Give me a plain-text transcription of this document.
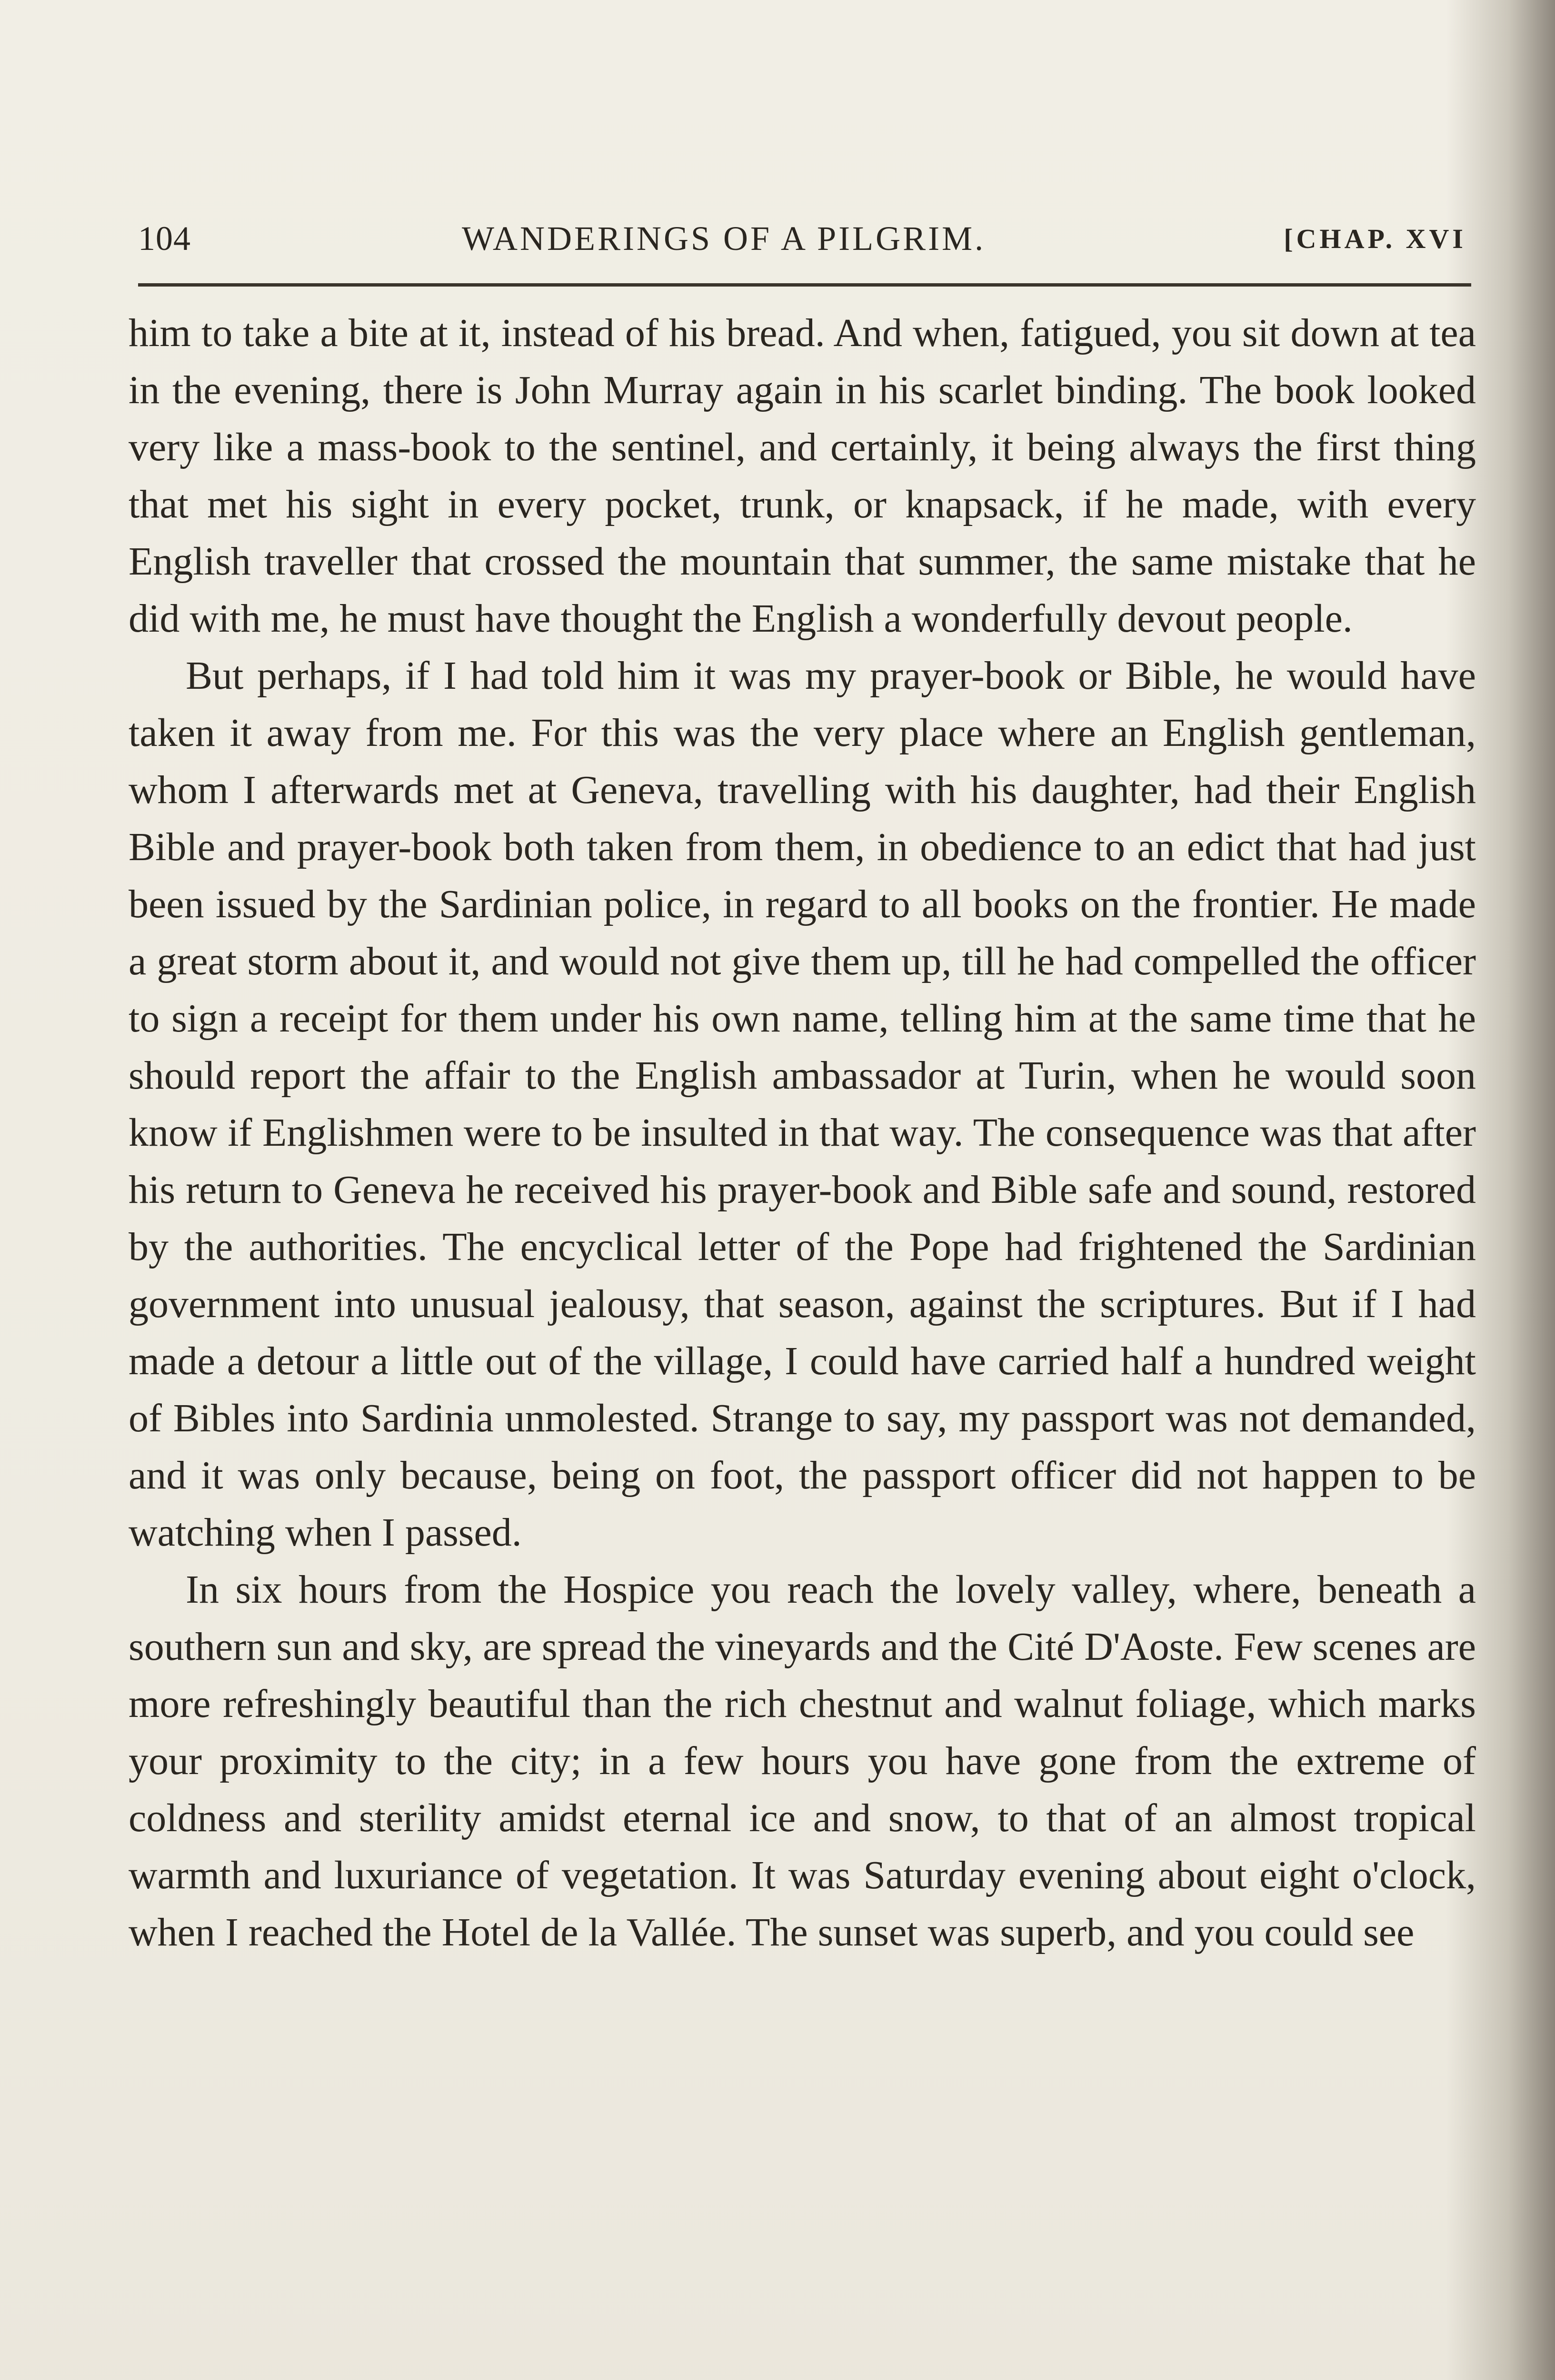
104	WANDERINGS OF A PILGRIM.	[CHAP. XVI

him to take a bite at it, instead of his bread. And when, fatigued, you sit down at tea in the evening, there is John Murray again in his scarlet binding. The book looked very like a mass-book to the sentinel, and certainly, it being always the first thing that met his sight in every pocket, trunk, or knapsack, if he made, with every English traveller that crossed the mountain that summer, the same mistake that he did with me, he must have thought the English a wonderfully devout people.

But perhaps, if I had told him it was my prayer-book or Bible, he would have taken it away from me. For this was the very place where an English gentleman, whom I afterwards met at Geneva, travelling with his daughter, had their English Bible and prayer-book both taken from them, in obedience to an edict that had just been issued by the Sardinian police, in regard to all books on the frontier. He made a great storm about it, and would not give them up, till he had compelled the officer to sign a receipt for them under his own name, telling him at the same time that he should report the affair to the English ambassador at Turin, when he would soon know if Englishmen were to be insulted in that way. The consequence was that after his return to Geneva he received his prayer-book and Bible safe and sound, restored by the authorities. The encyclical letter of the Pope had frightened the Sardinian government into unusual jealousy, that season, against the scriptures. But if I had made a detour a little out of the village, I could have carried half a hundred weight of Bibles into Sardinia unmolested. Strange to say, my passport was not demanded, and it was only because, being on foot, the passport officer did not happen to be watching when I passed.

In six hours from the Hospice you reach the lovely valley, where, beneath a southern sun and sky, are spread the vineyards and the Cité D'Aoste. Few scenes are more refreshingly beautiful than the rich chestnut and walnut foliage, which marks your proximity to the city; in a few hours you have gone from the extreme of coldness and sterility amidst eternal ice and snow, to that of an almost tropical warmth and luxuriance of vegetation. It was Saturday evening about eight o'clock, when I reached the Hotel de la Vallée. The sunset was superb, and you could see
